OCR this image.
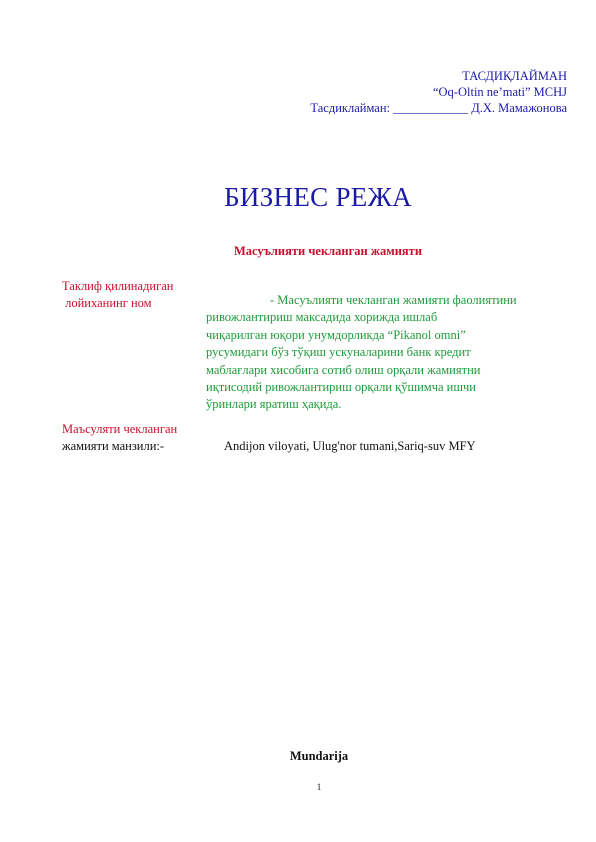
ТАСДИҚЛАЙМАН
“Oq-Oltin ne’mati” MCHJ
Тасдиклайман: ____________ Д.Х. Мамажонова
БИЗНЕС РЕЖА
Масуълияти чекланган жамияти
Таклиф қилинадиган
лойиханинг ном	- Масуълияти чекланган жамияти фаолиятини
ривожлантириш максадида хорижда ишлаб
чиқарилган юқори унумдорликда “Pikanol omni”
русумидаги бўз тўқиш ускуналарини банк кредит
маблағлари хисобига сотиб олиш орқали жамиятни
иқтисодий ривожлантириш орқали қўшимча ишчи
ўринлари яратиш ҳақида.
Маъсуляти чекланган
жамияти манзили:-	Andijon viloyati, Ulug'nor tumani,Sariq-suv MFY
Mundarija
1
